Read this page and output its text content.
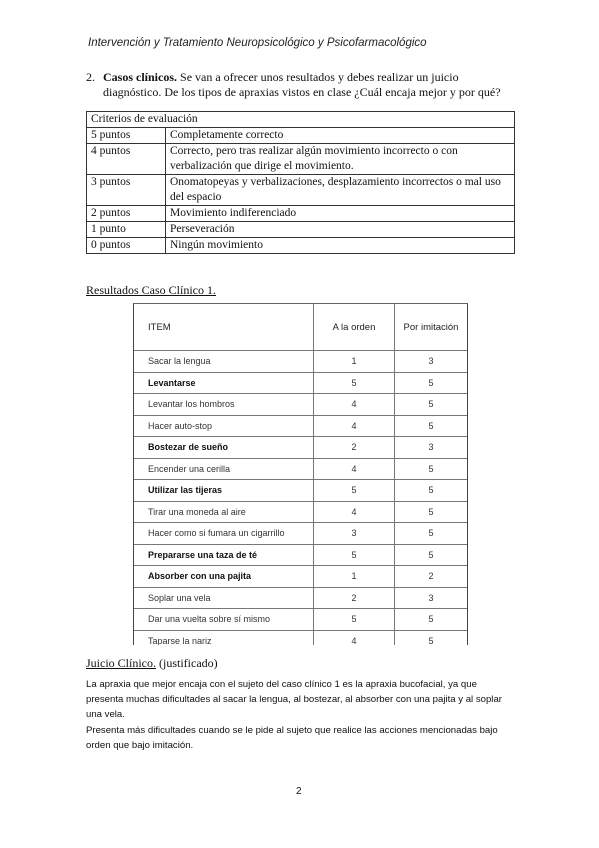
Intervención y Tratamiento Neuropsicológico y Psicofarmacológico
2. Casos clínicos. Se van a ofrecer unos resultados y debes realizar un juicio
diagnóstico. De los tipos de apraxias vistos en clase ¿Cuál encaja mejor y por qué?
Criterios de evaluación	
5 puntos	Completamente correcto
4 puntos	Correcto, pero tras realizar algún movimiento incorrecto o con verbalización que dirige el movimiento.
3 puntos	Onomatopeyas y verbalizaciones, desplazamiento incorrectos o mal uso del espacio
2 puntos	Movimiento indiferenciado
1 punto	Perseveración
0 puntos	Ningún movimiento
Resultados Caso Clínico 1.
ITEM	A la orden	Por imitación
Sacar la lengua	1	3
Levantarse	5	5
Levantar los hombros	4	5
Hacer auto-stop	4	5
Bostezar de sueño	2	3
Encender una cerilla	4	5
Utilizar las tijeras	5	5
Tirar una moneda al aire	4	5
Hacer como si fumara un cigarrillo	3	5
Prepararse una taza de té	5	5
Absorber con una pajita	1	2
Soplar una vela	2	3
Dar una vuelta sobre sí mismo	5	5
Taparse la nariz	4	5
Juicio Clínico. (justificado)
La apraxia que mejor encaja con el sujeto del caso clínico 1 es la apraxia bucofacial, ya que presenta muchas dificultades al sacar la lengua, al bostezar, al absorber con una pajita y al soplar una vela.
Presenta más dificultades cuando se le pide al sujeto que realice las acciones mencionadas bajo orden que bajo imitación.
2
